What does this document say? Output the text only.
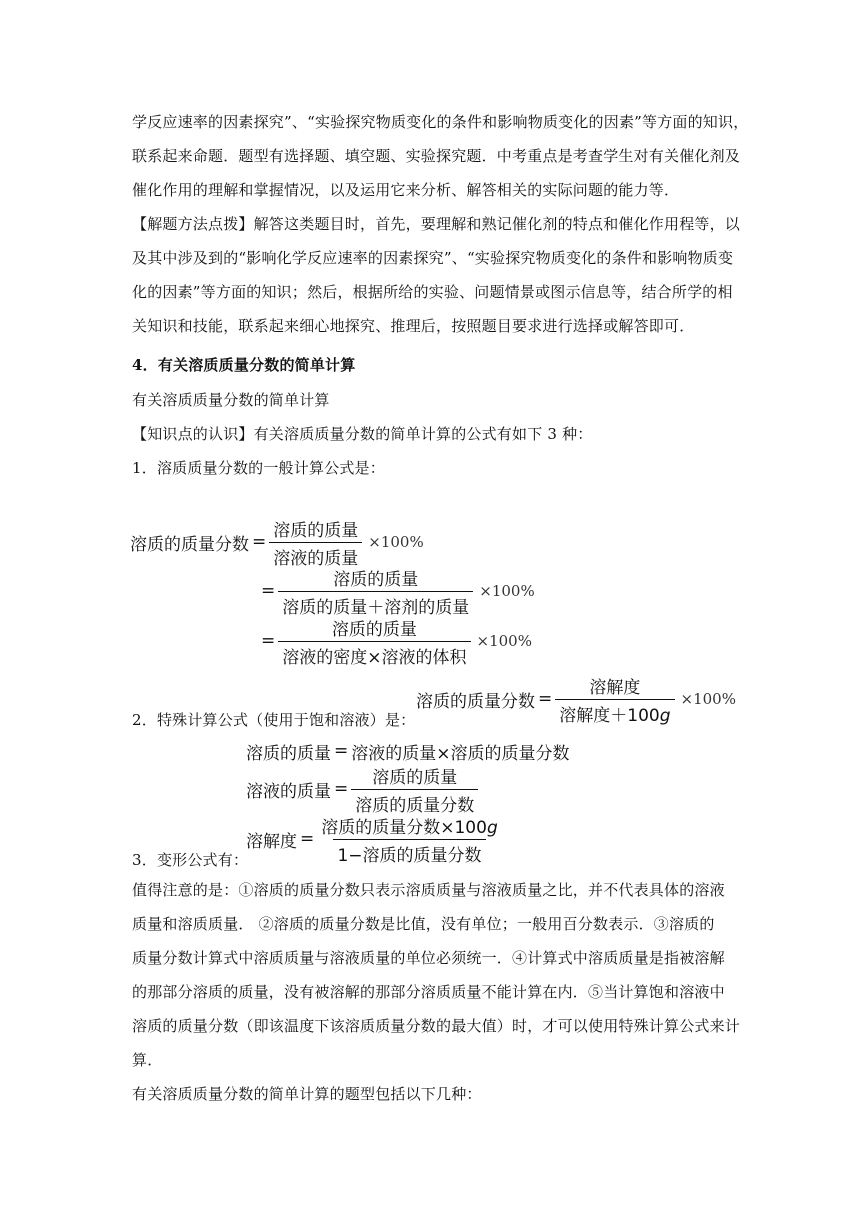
学反应速率的因素探究”、“实验探究物质变化的条件和影响物质变化的因素”等方面的知识，
联系起来命题．题型有选择题、填空题、实验探究题．中考重点是考查学生对有关催化剂及
催化作用的理解和掌握情况，以及运用它来分析、解答相关的实际问题的能力等．
【解题方法点拨】解答这类题目时，首先，要理解和熟记催化剂的特点和催化作用程等，以
及其中涉及到的“影响化学反应速率的因素探究”、“实验探究物质变化的条件和影响物质变
化的因素”等方面的知识；然后，根据所给的实验、问题情景或图示信息等，结合所学的相
关知识和技能，联系起来细心地探究、推理后，按照题目要求进行选择或解答即可．
4．有关溶质质量分数的简单计算
有关溶质质量分数的简单计算
【知识点的认识】有关溶质质量分数的简单计算的公式有如下 3 种：
1．溶质质量分数的一般计算公式是：
溶质的质量分数 = $\frac{\text{溶质的质量}}{\text{溶液的质量}} \times 100\%$
= $\frac{\text{溶质的质量}}{\text{溶质的质量＋溶剂的质量}} \times 100\%$
= $\frac{\text{溶质的质量}}{\text{溶液的密度×溶液的体积}} \times 100\%$
溶质的质量分数 = $\frac{\text{溶解度}}{\text{溶解度＋100g}} \times 100\%$
2．特殊计算公式（使用于饱和溶液）是：
溶质的质量 = 溶液的质量×溶质的质量分数
溶液的质量 = $\frac{\text{溶质的质量}}{\text{溶质的质量分数}}$
溶解度 = $\frac{\text{溶质的质量分数×100g}}{\text{1−溶质的质量分数}}$
3．变形公式有：
值得注意的是：①溶质的质量分数只表示溶质质量与溶液质量之比，并不代表具体的溶液
质量和溶质质量． ②溶质的质量分数是比值，没有单位；一般用百分数表示．③溶质的
质量分数计算式中溶质质量与溶液质量的单位必须统一．④计算式中溶质质量是指被溶解
的那部分溶质的质量，没有被溶解的那部分溶质质量不能计算在内．⑤当计算饱和溶液中
溶质的质量分数（即该温度下该溶质质量分数的最大值）时，才可以使用特殊计算公式来计
算．
有关溶质质量分数的简单计算的题型包括以下几种：
